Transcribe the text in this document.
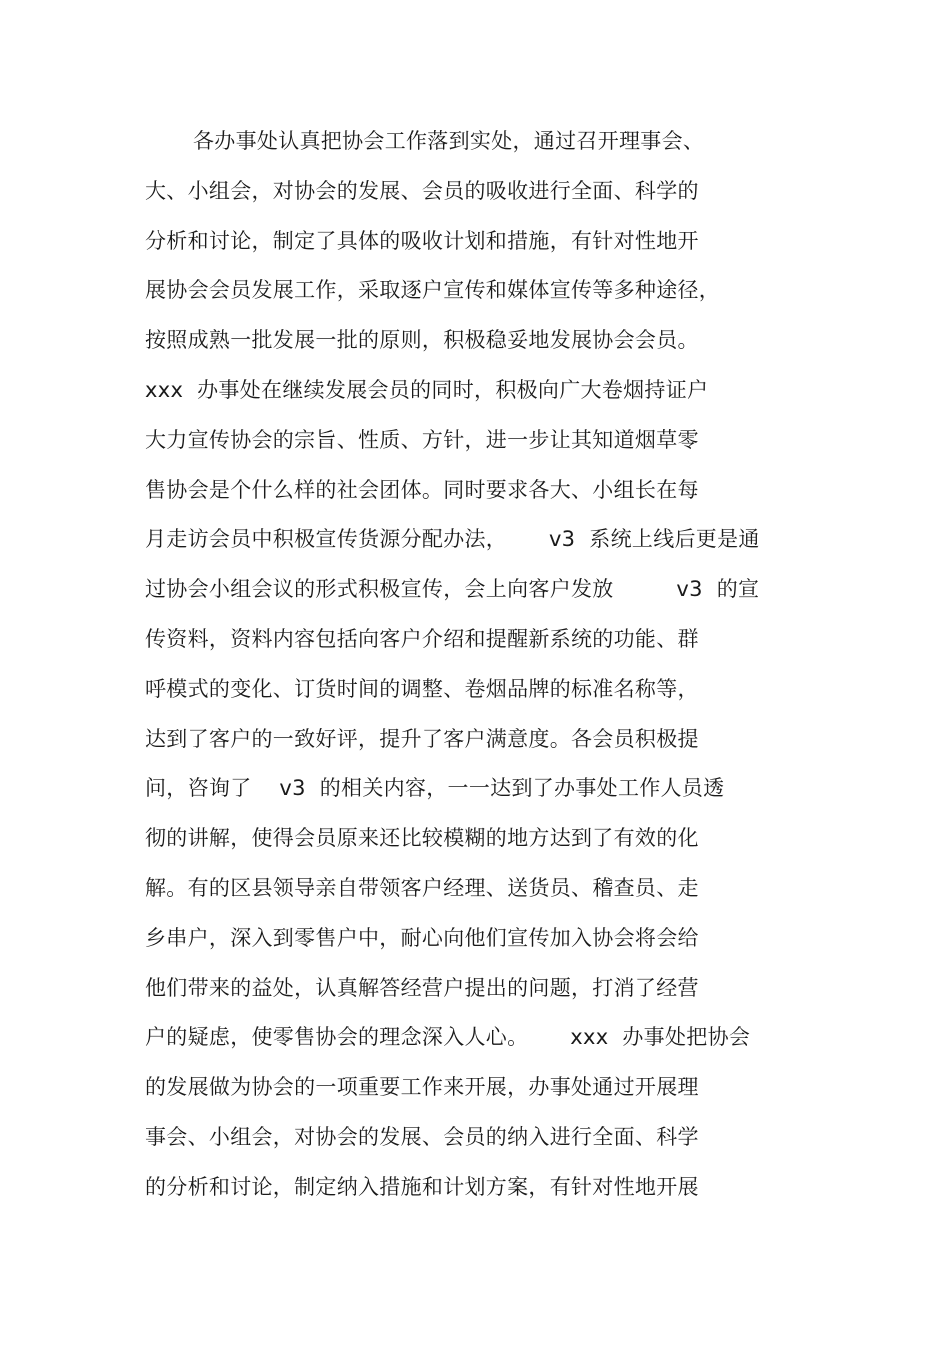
各办事处认真把协会工作落到实处，通过召开理事会、
大、小组会，对协会的发展、会员的吸收进行全面、科学的
分析和讨论，制定了具体的吸收计划和措施，有针对性地开
展协会会员发展工作，采取逐户宣传和媒体宣传等多种途径，
按照成熟一批发展一批的原则，积极稳妥地发展协会会员。
xxx  办事处在继续发展会员的同时，积极向广大卷烟持证户
大力宣传协会的宗旨、性质、方针，进一步让其知道烟草零
售协会是个什么样的社会团体。同时要求各大、小组长在每
月走访会员中积极宣传货源分配办法，      v3  系统上线后更是通
过协会小组会议的形式积极宣传，会上向客户发放         v3  的宣
传资料，资料内容包括向客户介绍和提醒新系统的功能、群
呼模式的变化、订货时间的调整、卷烟品牌的标准名称等，
达到了客户的一致好评，提升了客户满意度。各会员积极提
问，咨询了    v3  的相关内容，一一达到了办事处工作人员透
彻的讲解，使得会员原来还比较模糊的地方达到了有效的化
解。有的区县领导亲自带领客户经理、送货员、稽查员、走
乡串户，深入到零售户中，耐心向他们宣传加入协会将会给
他们带来的益处，认真解答经营户提出的问题，打消了经营
户的疑虑，使零售协会的理念深入人心。      xxx  办事处把协会
的发展做为协会的一项重要工作来开展，办事处通过开展理
事会、小组会，对协会的发展、会员的纳入进行全面、科学
的分析和讨论，制定纳入措施和计划方案，有针对性地开展
